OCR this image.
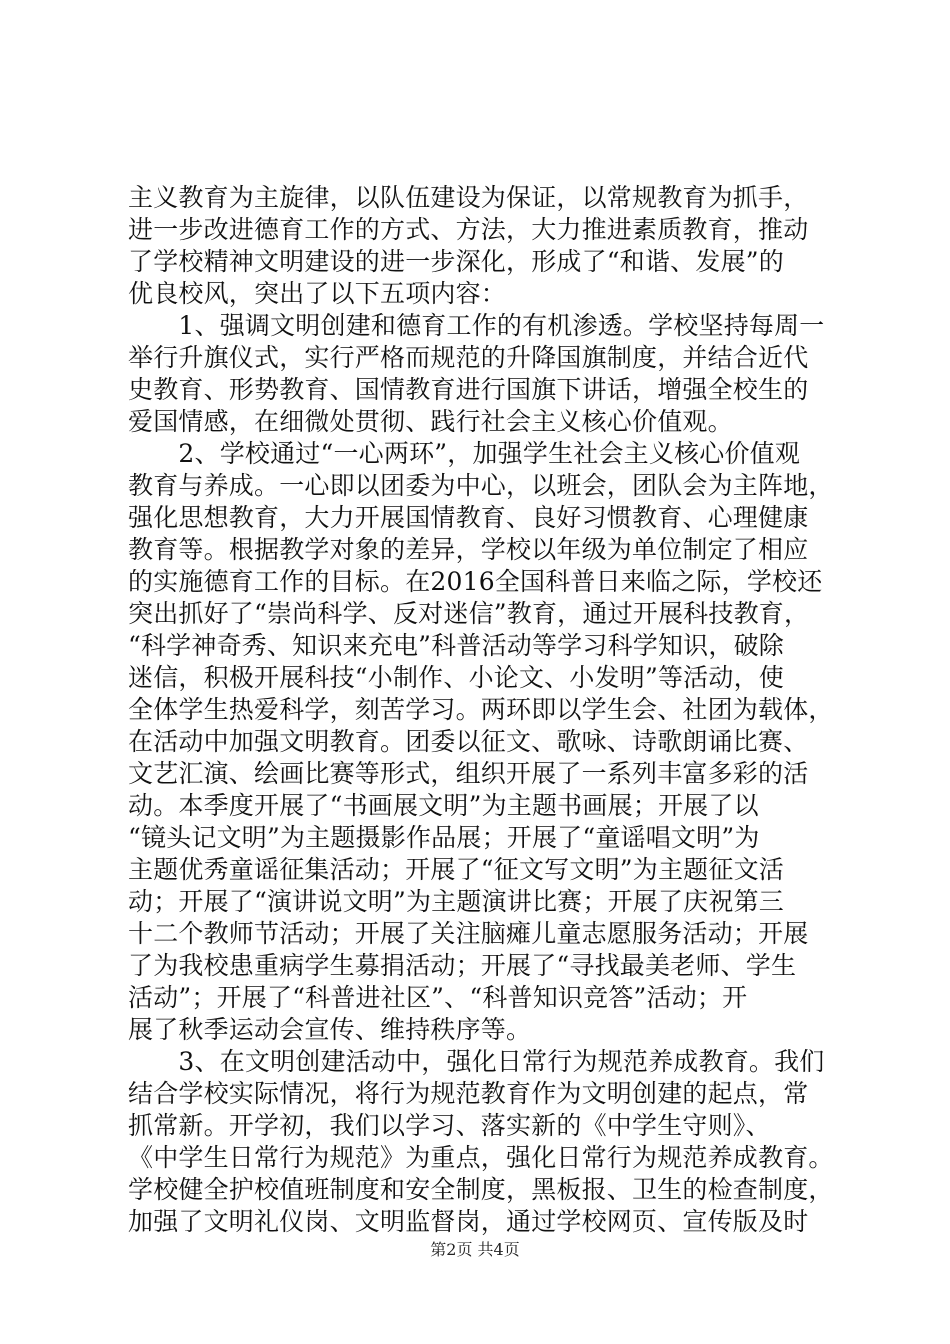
主义教育为主旋律，以队伍建设为保证，以常规教育为抓手，
进一步改进德育工作的方式、方法，大力推进素质教育，推动
了学校精神文明建设的进一步深化，形成了“和谐、发展”的
优良校风，突出了以下五项内容：
　　1、强调文明创建和德育工作的有机渗透。学校坚持每周一
举行升旗仪式，实行严格而规范的升降国旗制度，并结合近代
史教育、形势教育、国情教育进行国旗下讲话，增强全校生的
爱国情感，在细微处贯彻、践行社会主义核心价值观。
　　2、学校通过“一心两环”，加强学生社会主义核心价值观
教育与养成。一心即以团委为中心，以班会，团队会为主阵地，
强化思想教育，大力开展国情教育、良好习惯教育、心理健康
教育等。根据教学对象的差异，学校以年级为单位制定了相应
的实施德育工作的目标。在2016全国科普日来临之际，学校还
突出抓好了“崇尚科学、反对迷信”教育，通过开展科技教育，
“科学神奇秀、知识来充电”科普活动等学习科学知识，破除
迷信，积极开展科技“小制作、小论文、小发明”等活动，使
全体学生热爱科学，刻苦学习。两环即以学生会、社团为载体，
在活动中加强文明教育。团委以征文、歌咏、诗歌朗诵比赛、
文艺汇演、绘画比赛等形式，组织开展了一系列丰富多彩的活
动。本季度开展了“书画展文明”为主题书画展；开展了以
“镜头记文明”为主题摄影作品展；开展了“童谣唱文明”为
主题优秀童谣征集活动；开展了“征文写文明”为主题征文活
动；开展了“演讲说文明”为主题演讲比赛；开展了庆祝第三
十二个教师节活动；开展了关注脑瘫儿童志愿服务活动；开展
了为我校患重病学生募捐活动；开展了“寻找最美老师、学生
活动”；开展了“科普进社区”、“科普知识竞答”活动；开
展了秋季运动会宣传、维持秩序等。
　　3、在文明创建活动中，强化日常行为规范养成教育。我们
结合学校实际情况，将行为规范教育作为文明创建的起点，常
抓常新。开学初，我们以学习、落实新的《中学生守则》、
《中学生日常行为规范》为重点，强化日常行为规范养成教育。
学校健全护校值班制度和安全制度，黑板报、卫生的检查制度，
加强了文明礼仪岗、文明监督岗，通过学校网页、宣传版及时
第2页 共4页
